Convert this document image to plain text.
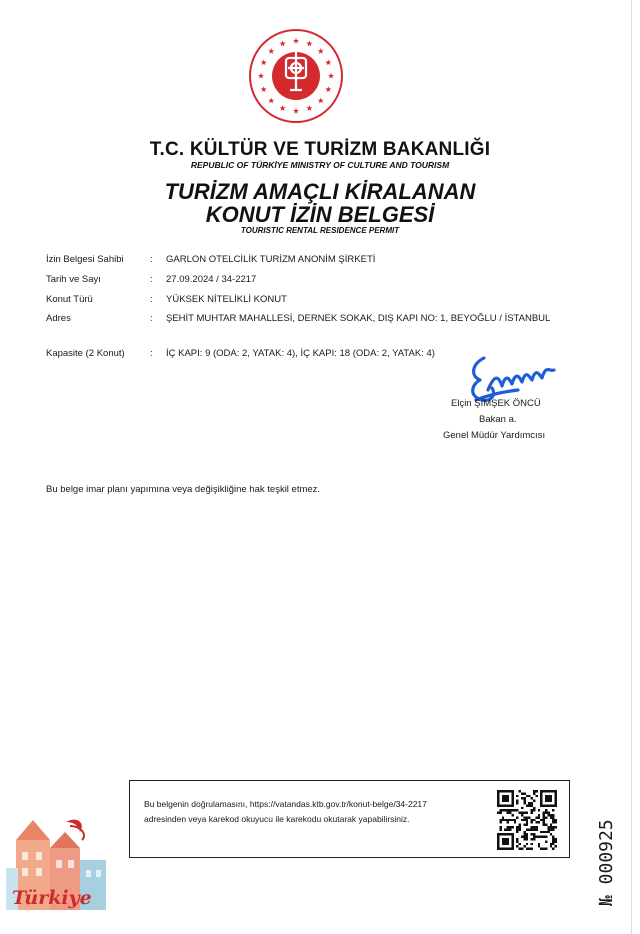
T.C. KÜLTÜR VE TURİZM BAKANLIĞI
REPUBLIC OF TÜRKİYE MINISTRY OF CULTURE AND TOURISM
TURİZM AMAÇLI KİRALANAN
KONUT İZİN BELGESİ
TOURISTIC RENTAL RESIDENCE PERMIT
İzin Belgesi Sahibi	: GARLON OTELCİLİK TURİZM ANONİM ŞİRKETİ
Tarih ve Sayı	: 27.09.2024 / 34-2217
Konut Türü	: YÜKSEK NİTELİKLİ KONUT
Adres	: ŞEHİT MUHTAR MAHALLESİ, DERNEK SOKAK, DIŞ KAPI NO: 1, BEYOĞLU / İSTANBUL
Kapasite (2 Konut)	: İÇ KAPI: 9 (ODA: 2, YATAK: 4), İÇ KAPI: 18 (ODA: 2, YATAK: 4)
Elçin ŞİMŞEK ÖNCÜ
Bakan a.
Genel Müdür Yardımcısı
Bu belge imar planı yapımına veya değişikliğine hak teşkil etmez.
Bu belgenin doğrulamasını, https://vatandas.ktb.gov.tr/konut-belge/34-2217
adresinden veya karekod okuyucu ile karekodu okutarak yapabilirsiniz.
№ 000925
Türkiye
